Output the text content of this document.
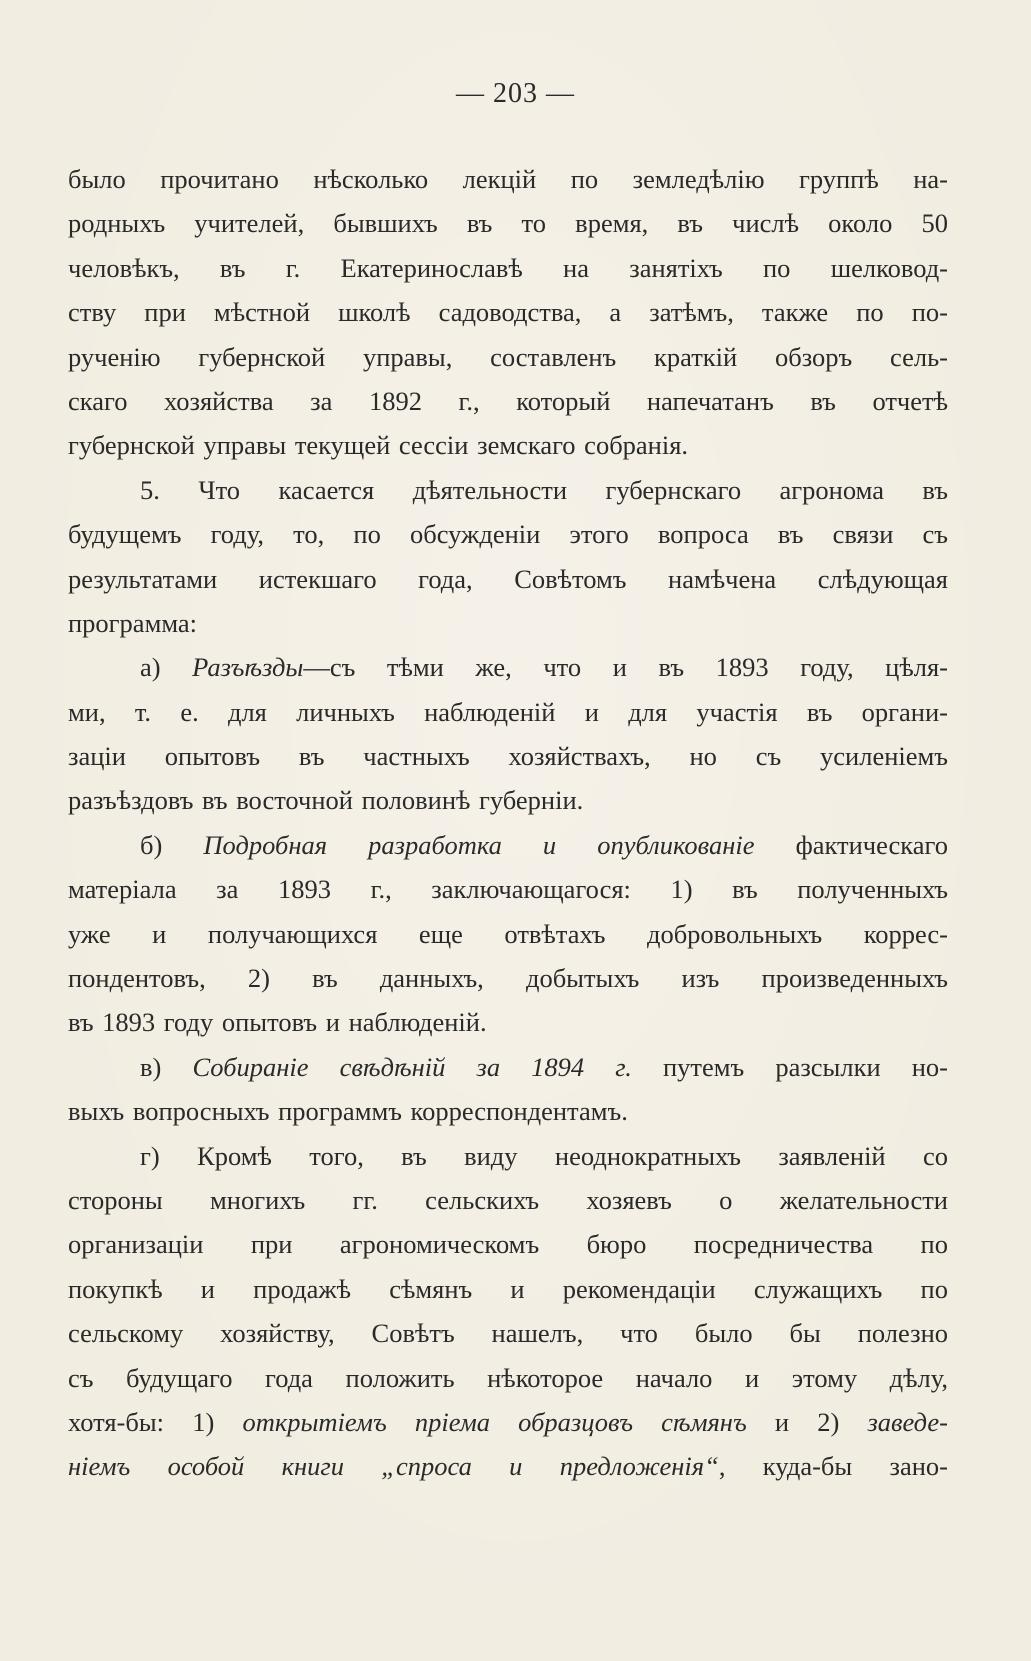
— 203 —
было прочитано нѣсколько лекцій по земледѣлію группѣ на-
родныхъ учителей, бывшихъ въ то время, въ числѣ около 50
человѣкъ, въ г. Екатеринославѣ на занятіхъ по шелковод-
ству при мѣстной школѣ садоводства, а затѣмъ, также по по-
рученію губернской управы, составленъ краткій обзоръ сель-
скаго хозяйства за 1892 г., который напечатанъ въ отчетѣ
губернской управы текущей сессіи земскаго собранія.
5. Что касается дѣятельности губернскаго агронома въ
будущемъ году, то, по обсужденіи этого вопроса въ связи съ
результатами истекшаго года, Совѣтомъ намѣчена слѣдующая
программа:
а) Разъѣзды—съ тѣми же, что и въ 1893 году, цѣля-
ми, т. е. для личныхъ наблюденій и для участія въ органи-
заціи опытовъ въ частныхъ хозяйствахъ, но съ усиленіемъ
разъѣздовъ въ восточной половинѣ губерніи.
б) Подробная разработка и опубликованіе фактическаго
матеріала за 1893 г., заключающагося: 1) въ полученныхъ
уже и получающихся еще отвѣтахъ добровольныхъ коррес-
пондентовъ, 2) въ данныхъ, добытыхъ изъ произведенныхъ
въ 1893 году опытовъ и наблюденій.
в) Собираніе свѣдѣній за 1894 г. путемъ разсылки но-
выхъ вопросныхъ программъ корреспондентамъ.
г) Кромѣ того, въ виду неоднократныхъ заявленій со
стороны многихъ гг. сельскихъ хозяевъ о желательности
организаціи при агрономическомъ бюро посредничества по
покупкѣ и продажѣ сѣмянъ и рекомендаціи служащихъ по
сельскому хозяйству, Совѣтъ нашелъ, что было бы полезно
съ будущаго года положить нѣкоторое начало и этому дѣлу,
хотя-бы: 1) открытіемъ пріема образцовъ сѣмянъ и 2) заведе-
ніемъ особой книги „спроса и предложенія“, куда-бы зано-
